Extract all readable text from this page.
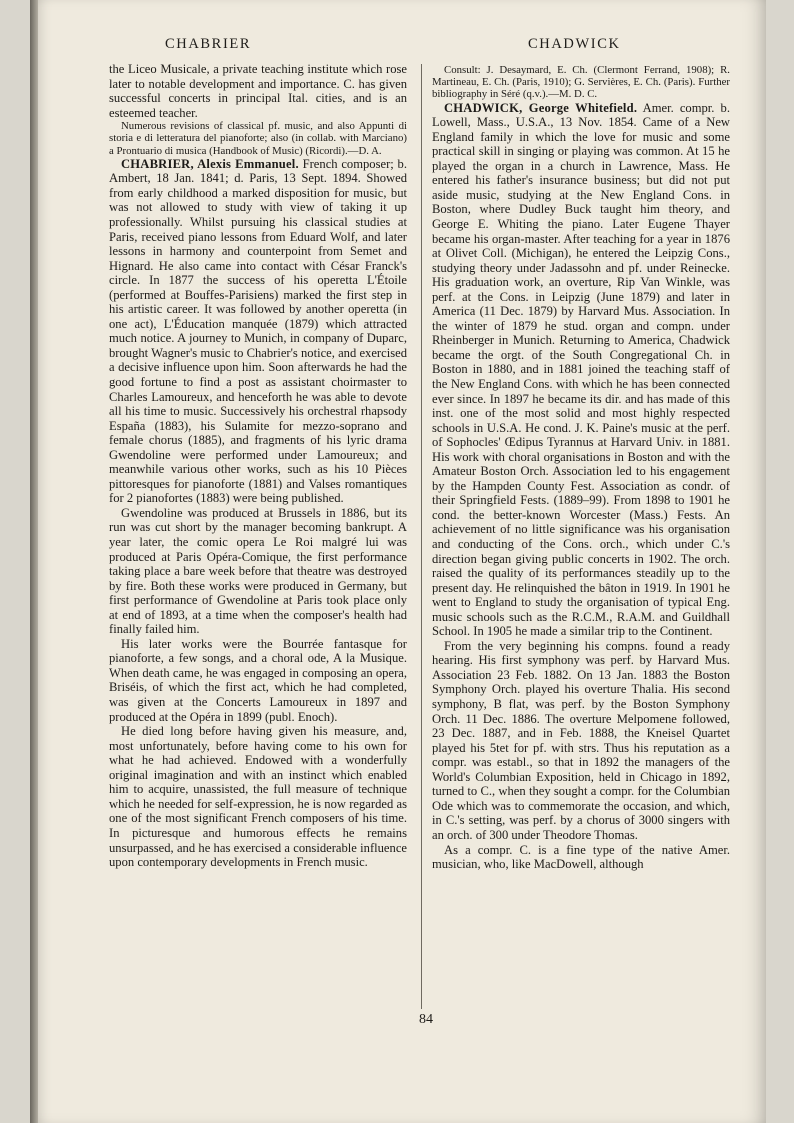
CHABRIER	CHADWICK

the Liceo Musicale, a private teaching institute which rose later to notable development and importance. C. has given successful concerts in principal Ital. cities, and is an esteemed teacher.

Numerous revisions of classical pf. music, and also Appunti di storia e di letteratura del pianoforte; also (in collab. with Marciano) a Prontuario di musica (Handbook of Music) (Ricordi).—D. A.

CHABRIER, Alexis Emmanuel. French composer; b. Ambert, 18 Jan. 1841; d. Paris, 13 Sept. 1894. Showed from early childhood a marked disposition for music, but was not allowed to study with view of taking it up professionally. Whilst pursuing his classical studies at Paris, received piano lessons from Eduard Wolf, and later lessons in harmony and counterpoint from Semet and Hignard. He also came into contact with César Franck's circle. In 1877 the success of his operetta L'Étoile (performed at Bouffes-Parisiens) marked the first step in his artistic career. It was followed by another operetta (in one act), L'Éducation manquée (1879) which attracted much notice. A journey to Munich, in company of Duparc, brought Wagner's music to Chabrier's notice, and exercised a decisive influence upon him. Soon afterwards he had the good fortune to find a post as assistant choirmaster to Charles Lamoureux, and henceforth he was able to devote all his time to music. Successively his orchestral rhapsody España (1883), his Sulamite for mezzo-soprano and female chorus (1885), and fragments of his lyric drama Gwendoline were performed under Lamoureux; and meanwhile various other works, such as his 10 Pièces pittoresques for pianoforte (1881) and Valses romantiques for 2 pianofortes (1883) were being published.

Gwendoline was produced at Brussels in 1886, but its run was cut short by the manager becoming bankrupt. A year later, the comic opera Le Roi malgré lui was produced at Paris Opéra-Comique, the first performance taking place a bare week before that theatre was destroyed by fire. Both these works were produced in Germany, but first performance of Gwendoline at Paris took place only at end of 1893, at a time when the composer's health had finally failed him.

His later works were the Bourrée fantasque for pianoforte, a few songs, and a choral ode, A la Musique. When death came, he was engaged in composing an opera, Briséis, of which the first act, which he had completed, was given at the Concerts Lamoureux in 1897 and produced at the Opéra in 1899 (publ. Enoch).

He died long before having given his measure, and, most unfortunately, before having come to his own for what he had achieved. Endowed with a wonderfully original imagination and with an instinct which enabled him to acquire, unassisted, the full measure of technique which he needed for self-expression, he is now regarded as one of the most significant French composers of his time. In picturesque and humorous effects he remains unsurpassed, and he has exercised a considerable influence upon contemporary developments in French music.

Consult: J. Desaymard, E. Ch. (Clermont Ferrand, 1908); R. Martineau, E. Ch. (Paris, 1910); G. Servières, E. Ch. (Paris). Further bibliography in Séré (q.v.).—M. D. C.

CHADWICK, George Whitefield. Amer. compr. b. Lowell, Mass., U.S.A., 13 Nov. 1854. Came of a New England family in which the love for music and some practical skill in singing or playing was common. At 15 he played the organ in a church in Lawrence, Mass. He entered his father's insurance business; but did not put aside music, studying at the New England Cons. in Boston, where Dudley Buck taught him theory, and George E. Whiting the piano. Later Eugene Thayer became his organ-master. After teaching for a year in 1876 at Olivet Coll. (Michigan), he entered the Leipzig Cons., studying theory under Jadassohn and pf. under Reinecke. His graduation work, an overture, Rip Van Winkle, was perf. at the Cons. in Leipzig (June 1879) and later in America (11 Dec. 1879) by Harvard Mus. Association. In the winter of 1879 he stud. organ and compn. under Rheinberger in Munich. Returning to America, Chadwick became the orgt. of the South Congregational Ch. in Boston in 1880, and in 1881 joined the teaching staff of the New England Cons. with which he has been connected ever since. In 1897 he became its dir. and has made of this inst. one of the most solid and most highly respected schools in U.S.A. He cond. J. K. Paine's music at the perf. of Sophocles' Œdipus Tyrannus at Harvard Univ. in 1881. His work with choral organisations in Boston and with the Amateur Boston Orch. Association led to his engagement by the Hampden County Fest. Association as condr. of their Springfield Fests. (1889–99). From 1898 to 1901 he cond. the better-known Worcester (Mass.) Fests. An achievement of no little significance was his organisation and conducting of the Cons. orch., which under C.'s direction began giving public concerts in 1902. The orch. raised the quality of its performances steadily up to the present day. He relinquished the bâton in 1919. In 1901 he went to England to study the organisation of typical Eng. music schools such as the R.C.M., R.A.M. and Guildhall School. In 1905 he made a similar trip to the Continent.

From the very beginning his compns. found a ready hearing. His first symphony was perf. by Harvard Mus. Association 23 Feb. 1882. On 13 Jan. 1883 the Boston Symphony Orch. played his overture Thalia. His second symphony, B flat, was perf. by the Boston Symphony Orch. 11 Dec. 1886. The overture Melpomene followed, 23 Dec. 1887, and in Feb. 1888, the Kneisel Quartet played his 5tet for pf. with strs. Thus his reputation as a compr. was establ., so that in 1892 the managers of the World's Columbian Exposition, held in Chicago in 1892, turned to C., when they sought a compr. for the Columbian Ode which was to commemorate the occasion, and which, in C.'s setting, was perf. by a chorus of 3000 singers with an orch. of 300 under Theodore Thomas.

As a compr. C. is a fine type of the native Amer. musician, who, like MacDowell, although

84
